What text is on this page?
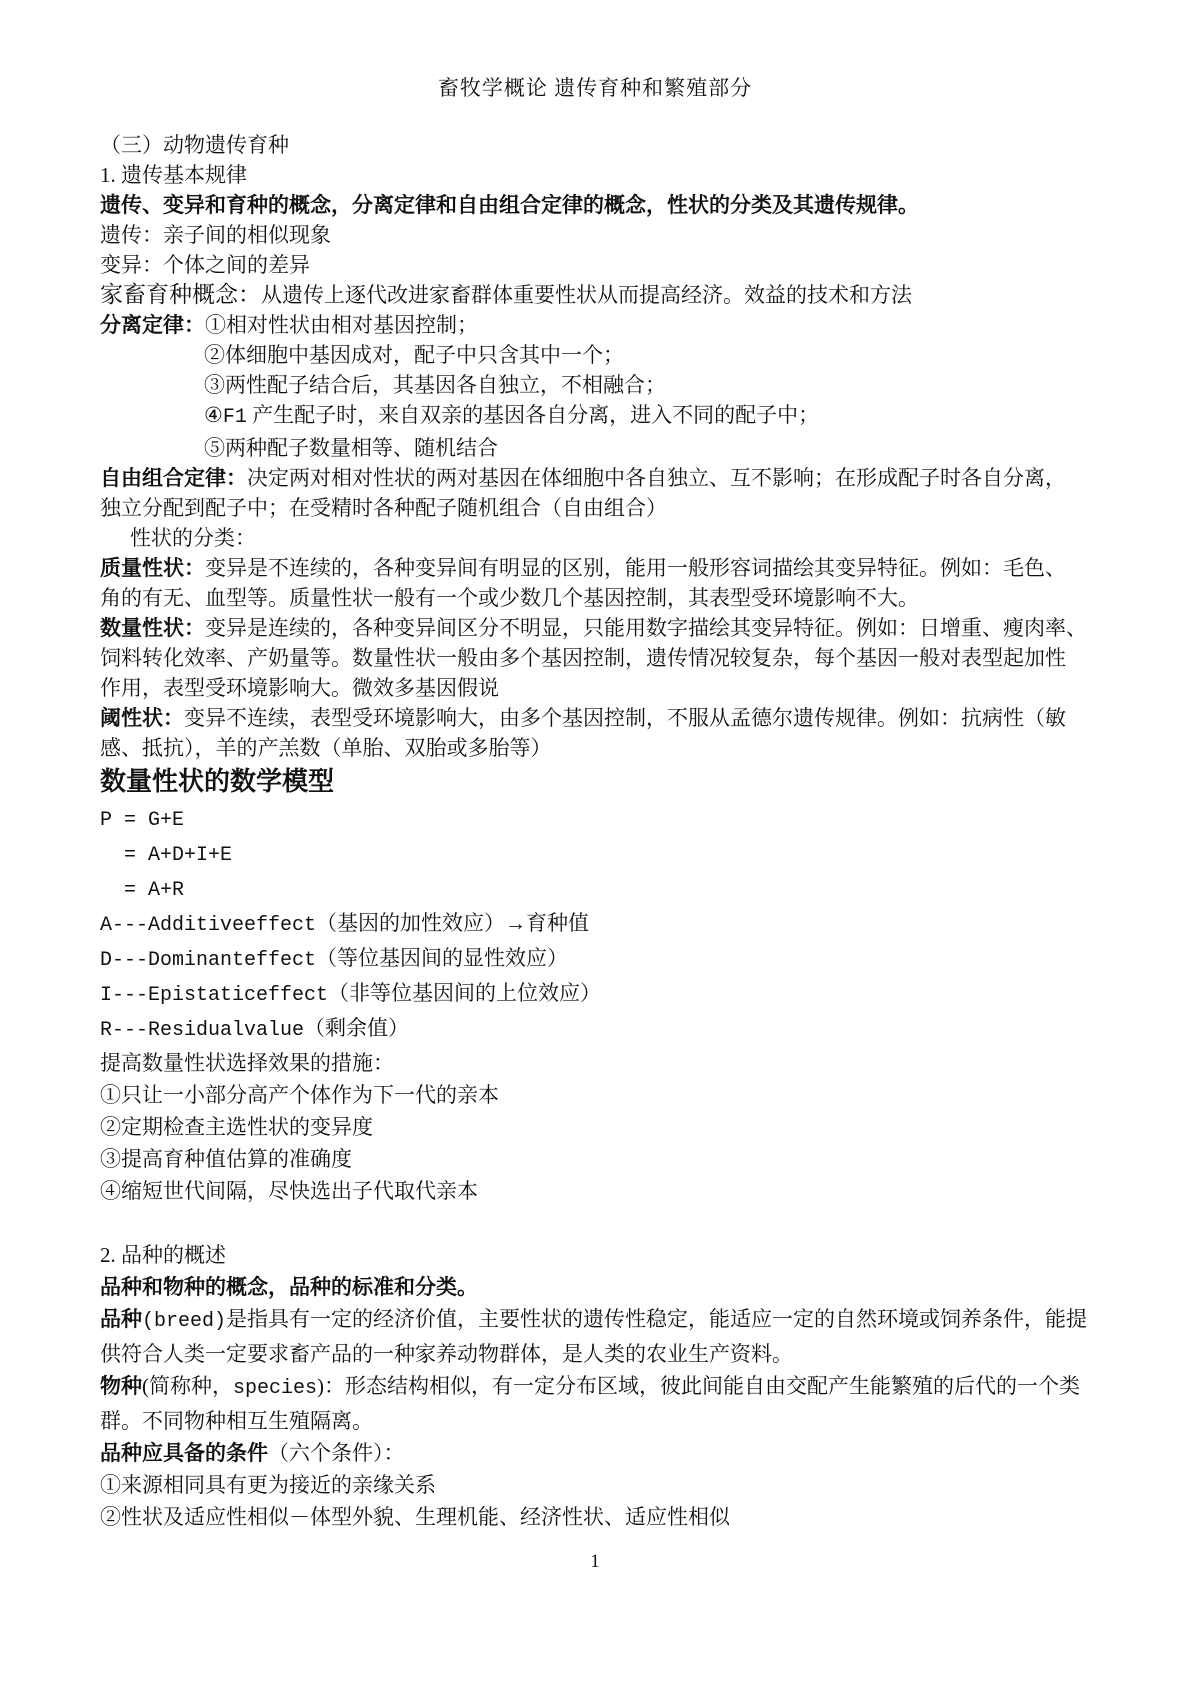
畜牧学概论 遗传育种和繁殖部分
（三）动物遗传育种
1. 遗传基本规律
遗传、变异和育种的概念，分离定律和自由组合定律的概念，性状的分类及其遗传规律。
遗传：亲子间的相似现象
变异：个体之间的差异
家畜育种概念：从遗传上逐代改进家畜群体重要性状从而提高经济。效益的技术和方法
分离定律：①相对性状由相对基因控制；
②体细胞中基因成对，配子中只含其中一个；
③两性配子结合后，其基因各自独立，不相融合；
④F1 产生配子时，来自双亲的基因各自分离，进入不同的配子中；
⑤两种配子数量相等、随机结合
自由组合定律：决定两对相对性状的两对基因在体细胞中各自独立、互不影响；在形成配子时各自分离，
独立分配到配子中；在受精时各种配子随机组合（自由组合）
性状的分类：
质量性状：变异是不连续的，各种变异间有明显的区别，能用一般形容词描绘其变异特征。例如：毛色、
角的有无、血型等。质量性状一般有一个或少数几个基因控制，其表型受环境影响不大。
数量性状：变异是连续的，各种变异间区分不明显，只能用数字描绘其变异特征。例如：日增重、瘦肉率、
饲料转化效率、产奶量等。数量性状一般由多个基因控制，遗传情况较复杂，每个基因一般对表型起加性
作用，表型受环境影响大。微效多基因假说
阈性状：变异不连续，表型受环境影响大，由多个基因控制，不服从孟德尔遗传规律。例如：抗病性（敏
感、抵抗），羊的产羔数（单胎、双胎或多胎等）
数量性状的数学模型
P = G+E
= A+D+I+E
= A+R
A---Additiveeffect（基因的加性效应）→育种值
D---Dominanteffect（等位基因间的显性效应）
I---Epistaticeffect（非等位基因间的上位效应）
R---Residualvalue（剩余值）
提高数量性状选择效果的措施：
①只让一小部分高产个体作为下一代的亲本
②定期检查主选性状的变异度
③提高育种值估算的准确度
④缩短世代间隔，尽快选出子代取代亲本
2. 品种的概述
品种和物种的概念，品种的标准和分类。
品种(breed)是指具有一定的经济价值，主要性状的遗传性稳定，能适应一定的自然环境或饲养条件，能提
供符合人类一定要求畜产品的一种家养动物群体，是人类的农业生产资料。
物种(简称种，species)：形态结构相似，有一定分布区域，彼此间能自由交配产生能繁殖的后代的一个类
群。不同物种相互生殖隔离。
品种应具备的条件（六个条件）：
①来源相同具有更为接近的亲缘关系
②性状及适应性相似－体型外貌、生理机能、经济性状、适应性相似
1
